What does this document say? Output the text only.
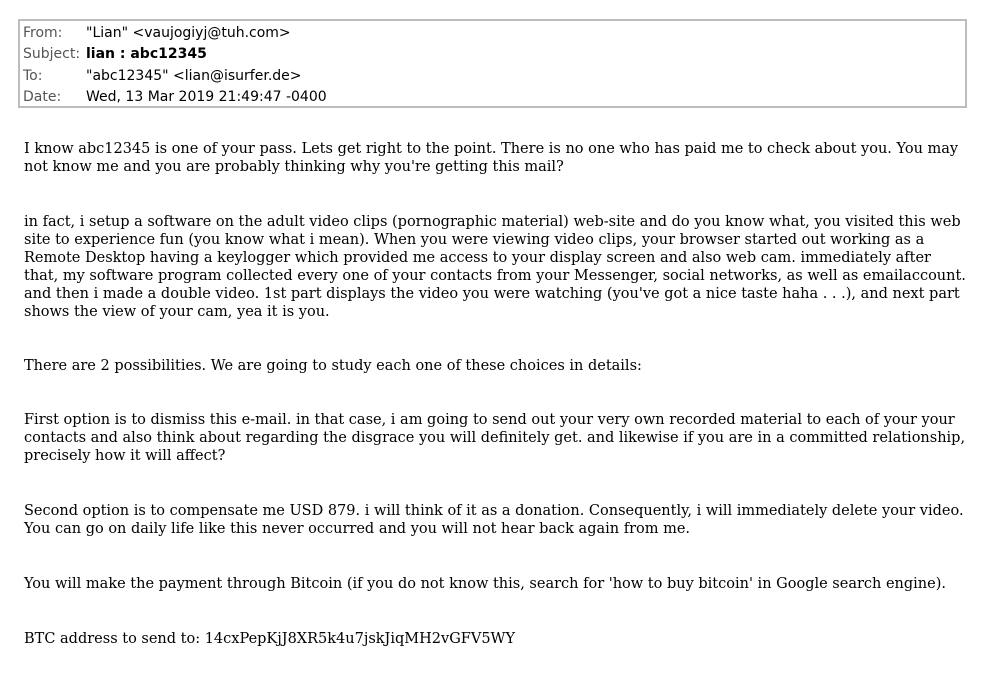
From:	"Lian" <vaujogiyj@tuh.com>
Subject: lian : abc12345
To:	"abc12345" <lian@isurfer.de>
Date:	Wed, 13 Mar 2019 21:49:47 -0400

I know abc12345 is one of your pass. Lets get right to the point. There is no one who has paid me to check about you. You may not know me and you are probably thinking why you're getting this mail?

in fact, i setup a software on the adult video clips (pornographic material) web-site and do you know what, you visited this web site to experience fun (you know what i mean). When you were viewing video clips, your browser started out working as a Remote Desktop having a keylogger which provided me access to your display screen and also web cam. immediately after that, my software program collected every one of your contacts from your Messenger, social networks, as well as emailaccount. and then i made a double video. 1st part displays the video you were watching (you've got a nice taste haha . . .), and next part shows the view of your cam, yea it is you.

There are 2 possibilities. We are going to study each one of these choices in details:

First option is to dismiss this e-mail. in that case, i am going to send out your very own recorded material to each of your your contacts and also think about regarding the disgrace you will definitely get. and likewise if you are in a committed relationship, precisely how it will affect?

Second option is to compensate me USD 879. i will think of it as a donation. Consequently, i will immediately delete your video. You can go on daily life like this never occurred and you will not hear back again from me.

You will make the payment through Bitcoin (if you do not know this, search for 'how to buy bitcoin' in Google search engine).

BTC address to send to: 14cxPepKjJ8XR5k4u7jskJiqMH2vGFV5WY
